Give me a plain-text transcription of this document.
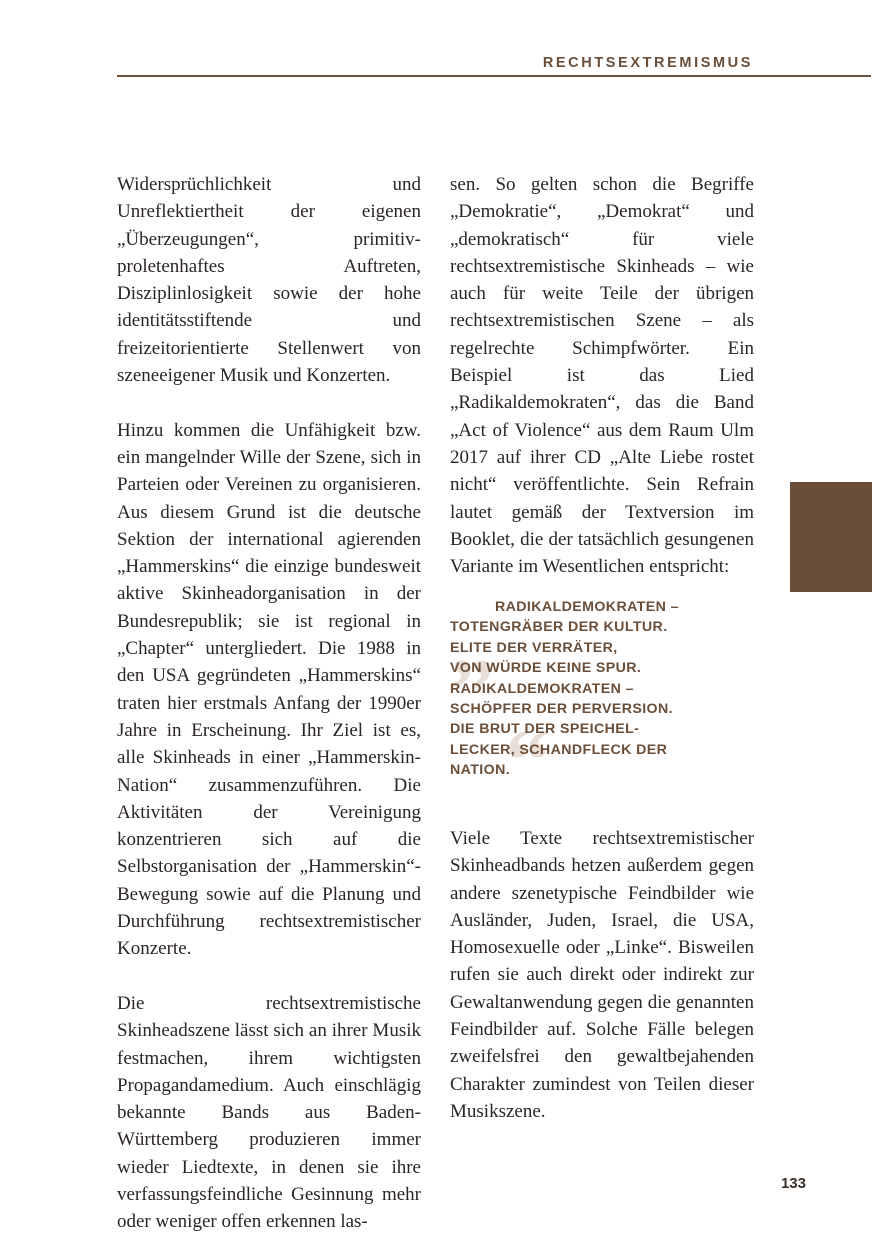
RECHTSEXTREMISMUS

Widersprüchlichkeit und Unreflektiertheit der eigenen „Überzeugungen“, primitiv-proletenhaftes Auftreten, Disziplinlosigkeit sowie der hohe identitätsstiftende und freizeitorientierte Stellenwert von szeneeigener Musik und Konzerten.

Hinzu kommen die Unfähigkeit bzw. ein mangelnder Wille der Szene, sich in Parteien oder Vereinen zu organisieren. Aus diesem Grund ist die deutsche Sektion der international agierenden „Hammerskins“ die einzige bundesweit aktive Skinheadorganisation in der Bundesrepublik; sie ist regional in „Chapter“ untergliedert. Die 1988 in den USA gegründeten „Hammerskins“ traten hier erstmals Anfang der 1990er Jahre in Erscheinung. Ihr Ziel ist es, alle Skinheads in einer „Hammerskin-Nation“ zusammenzuführen. Die Aktivitäten der Vereinigung konzentrieren sich auf die Selbstorganisation der „Hammerskin“-Bewegung sowie auf die Planung und Durchführung rechtsextremistischer Konzerte.

Die rechtsextremistische Skinheadszene lässt sich an ihrer Musik festmachen, ihrem wichtigsten Propagandamedium. Auch einschlägig bekannte Bands aus Baden-Württemberg produzieren immer wieder Liedtexte, in denen sie ihre verfassungsfeindliche Gesinnung mehr oder weniger offen erkennen las-

sen. So gelten schon die Begriffe „Demokratie“, „Demokrat“ und „demokratisch“ für viele rechtsextremistische Skinheads – wie auch für weite Teile der übrigen rechtsextremistischen Szene – als regelrechte Schimpfwörter. Ein Beispiel ist das Lied „Radikaldemokraten“, das die Band „Act of Violence“ aus dem Raum Ulm 2017 auf ihrer CD „Alte Liebe rostet nicht“ veröffentlichte. Sein Refrain lautet gemäß der Textversion im Booklet, die der tatsächlich gesungenen Variante im Wesentlichen entspricht:

„
“
RADIKALDEMOKRATEN –
TOTENGRÄBER DER KULTUR.
ELITE DER VERRÄTER,
VON WÜRDE KEINE SPUR.
RADIKALDEMOKRATEN –
SCHÖPFER DER PERVERSION.
DIE BRUT DER SPEICHEL-
LECKER, SCHANDFLECK DER
NATION.

Viele Texte rechtsextremistischer Skinheadbands hetzen außerdem gegen andere szenetypische Feindbilder wie Ausländer, Juden, Israel, die USA, Homosexuelle oder „Linke“. Bisweilen rufen sie auch direkt oder indirekt zur Gewaltanwendung gegen die genannten Feindbilder auf. Solche Fälle belegen zweifelsfrei den gewaltbejahenden Charakter zumindest von Teilen dieser Musikszene.

133
